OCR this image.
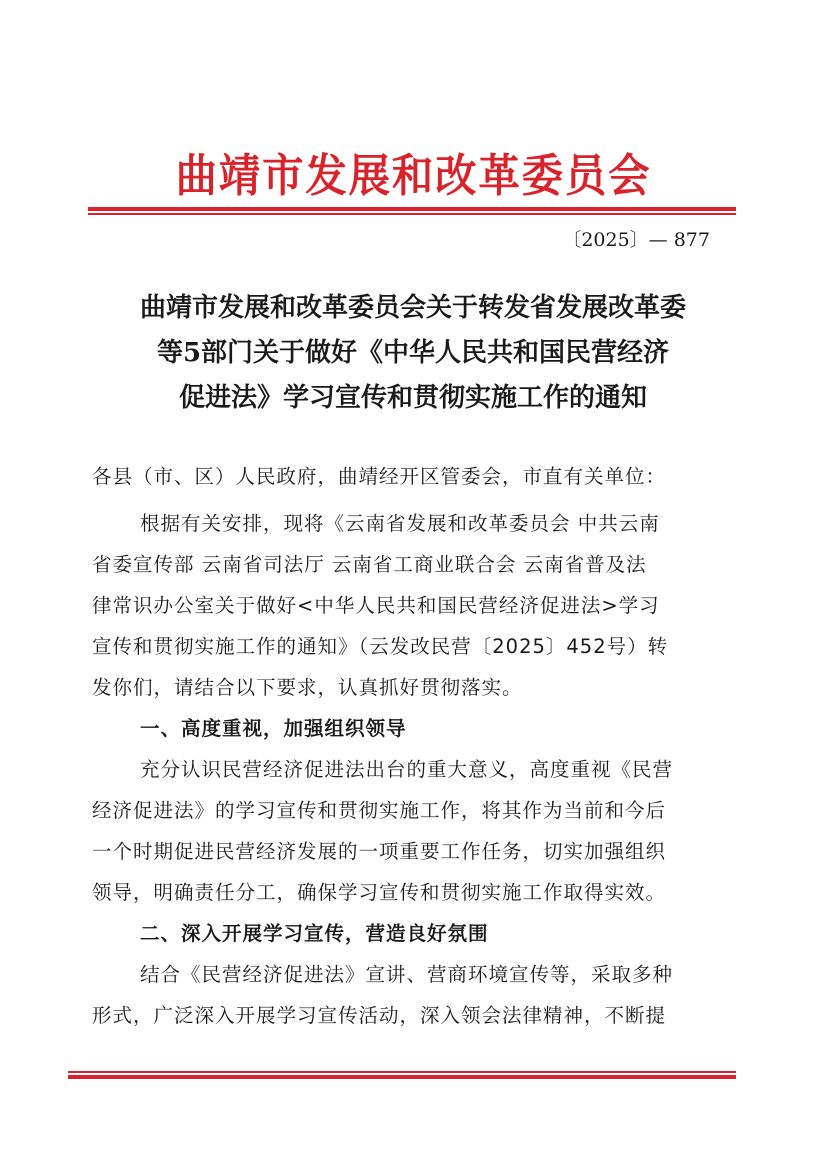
曲靖市发展和改革委员会
〔2025〕— 877
曲靖市发展和改革委员会关于转发省发展改革委
等5部门关于做好《中华人民共和国民营经济
促进法》学习宣传和贯彻实施工作的通知
各县（市、区）人民政府，曲靖经开区管委会，市直有关单位：
根据有关安排，现将《云南省发展和改革委员会 中共云南
省委宣传部 云南省司法厅 云南省工商业联合会 云南省普及法
律常识办公室关于做好<中华人民共和国民营经济促进法>学习
宣传和贯彻实施工作的通知》（云发改民营〔2025〕452号）转
发你们，请结合以下要求，认真抓好贯彻落实。
一、高度重视，加强组织领导
充分认识民营经济促进法出台的重大意义，高度重视《民营
经济促进法》的学习宣传和贯彻实施工作，将其作为当前和今后
一个时期促进民营经济发展的一项重要工作任务，切实加强组织
领导，明确责任分工，确保学习宣传和贯彻实施工作取得实效。
二、深入开展学习宣传，营造良好氛围
结合《民营经济促进法》宣讲、营商环境宣传等，采取多种
形式，广泛深入开展学习宣传活动，深入领会法律精神，不断提
